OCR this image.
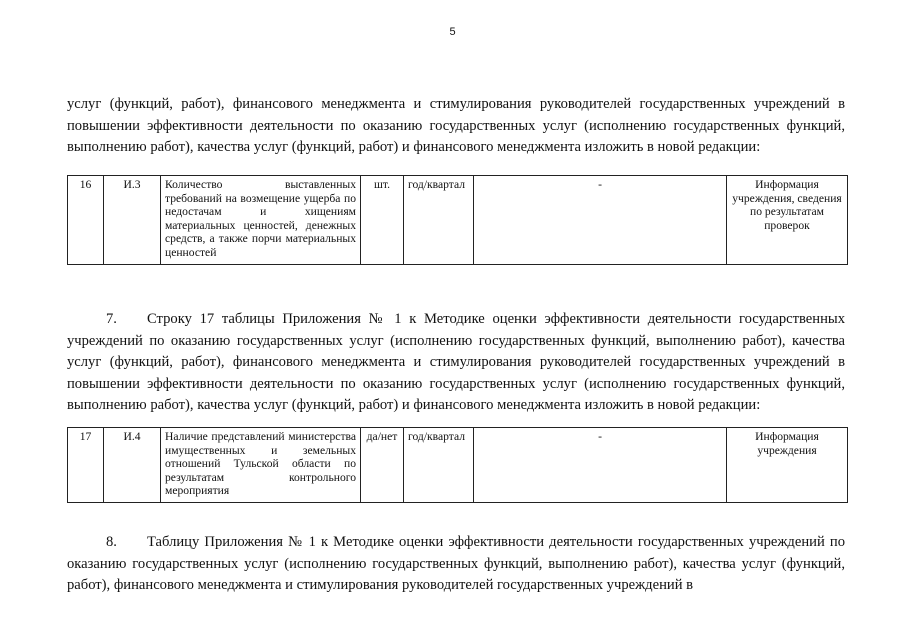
5

услуг (функций, работ), финансового менеджмента и стимулирования руководителей государственных учреждений в повышении эффективности деятельности по оказанию государственных услуг (исполнению государственных функций, выполнению работ), качества услуг (функций, работ) и финансового менеджмента изложить в новой редакции:

16	И.3	Количество выставленных требований на возмещение ущерба по недостачам и хищениям материальных ценностей, денежных средств, а также порчи материальных ценностей	шт.	год/квартал	-	Информация учреждения, сведения по результатам проверок

7. Строку 17 таблицы Приложения № 1 к Методике оценки эффективности деятельности государственных учреждений по оказанию государственных услуг (исполнению государственных функций, выполнению работ), качества услуг (функций, работ), финансового менеджмента и стимулирования руководителей государственных учреждений в повышении эффективности деятельности по оказанию государственных услуг (исполнению государственных функций, выполнению работ), качества услуг (функций, работ) и финансового менеджмента изложить в новой редакции:

17	И.4	Наличие представлений министерства имущественных и земельных отношений Тульской области по результатам контрольного мероприятия	да/нет	год/квартал	-	Информация учреждения

8. Таблицу Приложения № 1 к Методике оценки эффективности деятельности государственных учреждений по оказанию государственных услуг (исполнению государственных функций, выполнению работ), качества услуг (функций, работ), финансового менеджмента и стимулирования руководителей государственных учреждений в
